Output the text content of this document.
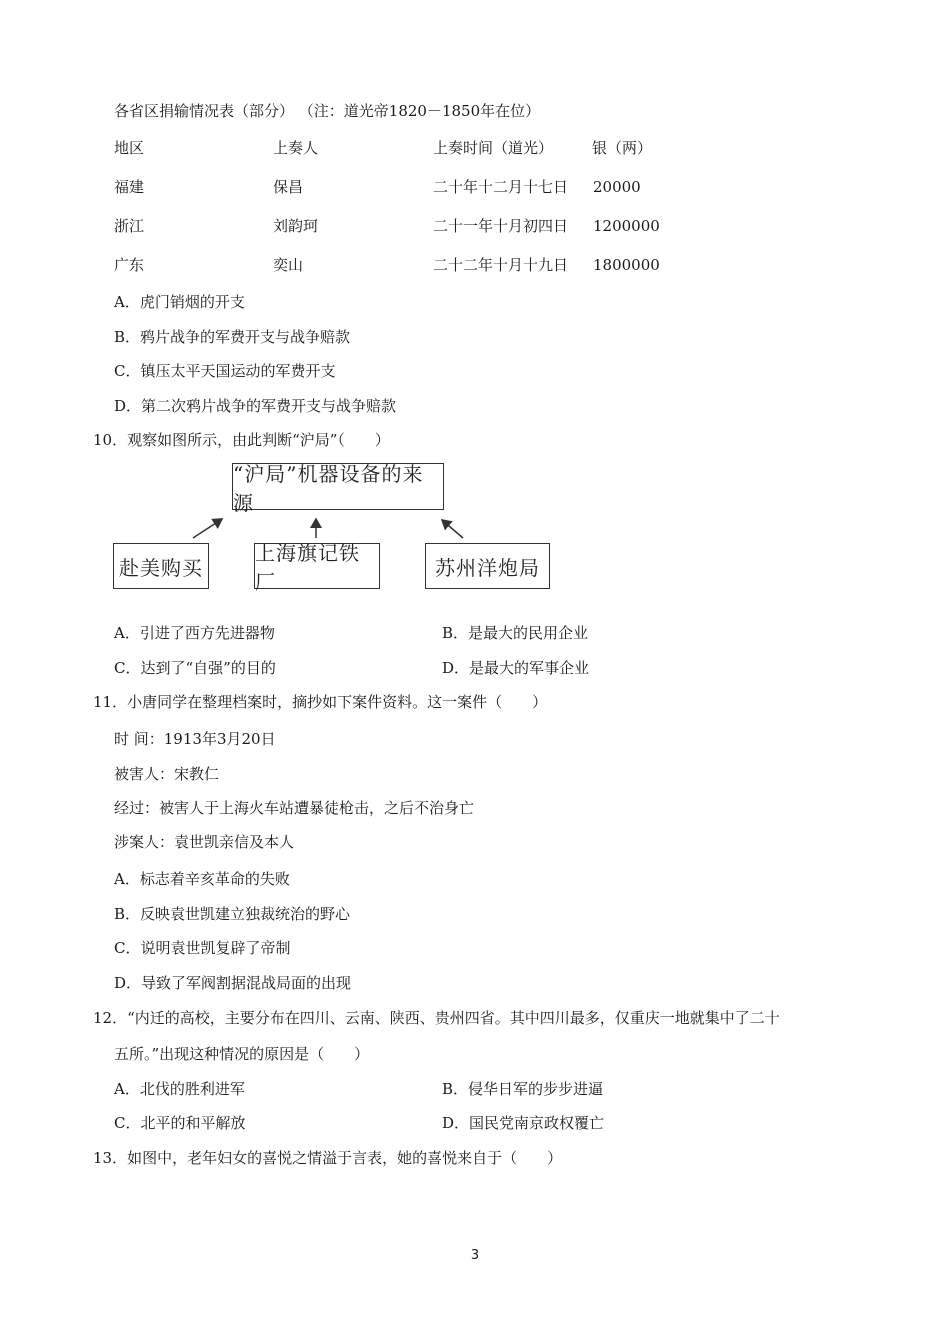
各省区捐输情况表（部分） （注：道光帝1820－1850年在位）
地区	上奏人	上奏时间（道光）	银（两）
福建	保昌	二十年十二月十七日 20000
浙江	刘韵珂	二十一年十月初四日 1200000
广东	奕山	二十二年十月十九日 1800000
A．虎门销烟的开支
B．鸦片战争的军费开支与战争赔款
C．镇压太平天国运动的军费开支
D．第二次鸦片战争的军费开支与战争赔款
10．观察如图所示，由此判断“沪局”（　　）
“沪局”机器设备的来源
赴美购买
上海旗记铁厂
苏州洋炮局
A．引进了西方先进器物	B．是最大的民用企业
C．达到了“自强”的目的	D．是最大的军事企业
11．小唐同学在整理档案时，摘抄如下案件资料。这一案件（　　）
时 间：1913年3月20日
被害人：宋教仁
经过：被害人于上海火车站遭暴徒枪击，之后不治身亡
涉案人：袁世凯亲信及本人
A．标志着辛亥革命的失败
B．反映袁世凯建立独裁统治的野心
C．说明袁世凯复辟了帝制
D．导致了军阀割据混战局面的出现
12．“内迁的高校，主要分布在四川、云南、陕西、贵州四省。其中四川最多，仅重庆一地就集中了二十
五所。”出现这种情况的原因是（　　）
A．北伐的胜利进军	B．侵华日军的步步进逼
C．北平的和平解放	D．国民党南京政权覆亡
13．如图中，老年妇女的喜悦之情溢于言表，她的喜悦来自于（　　）
3
